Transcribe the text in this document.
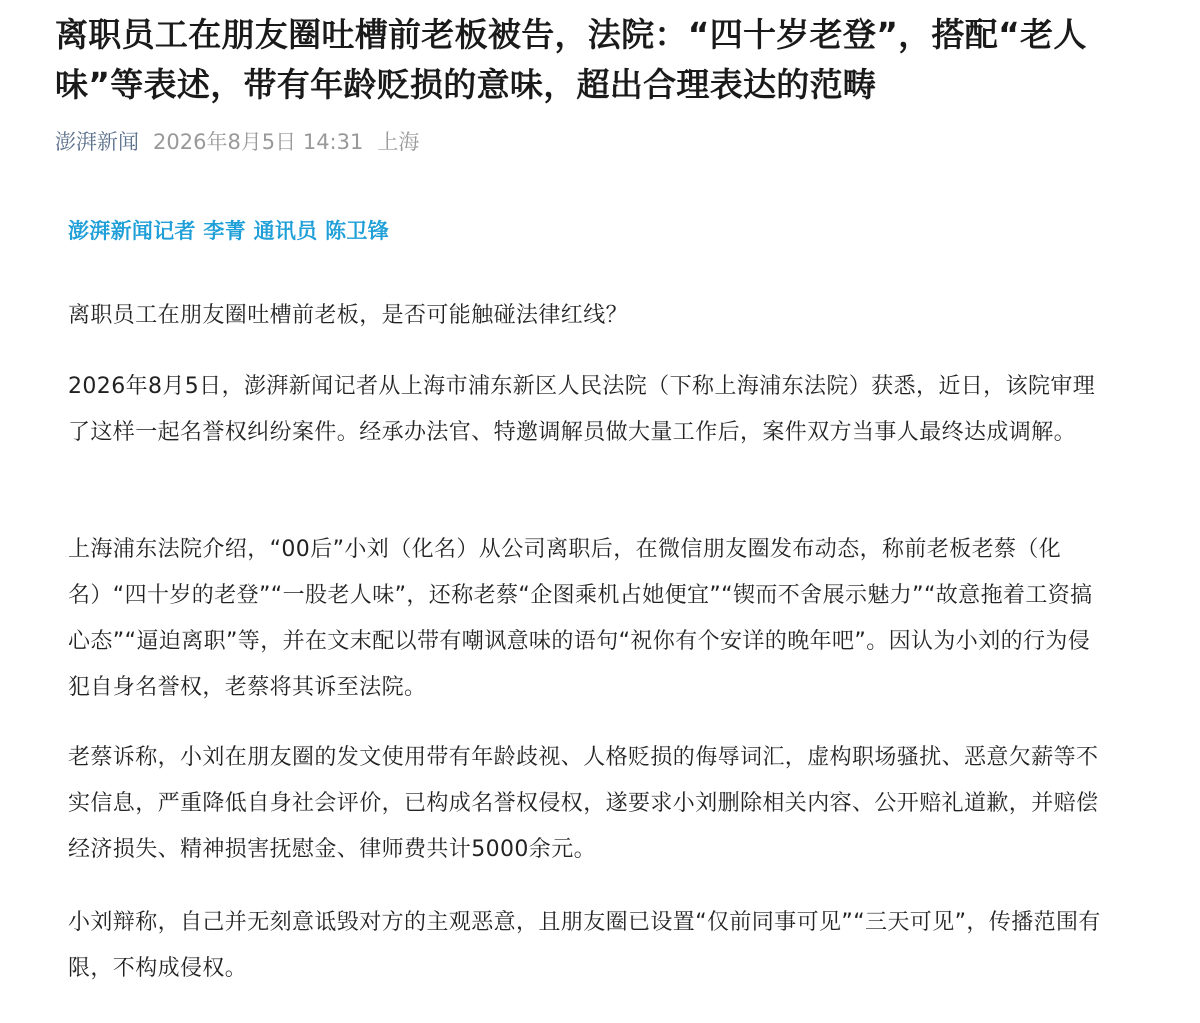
离职员工在朋友圈吐槽前老板被告，法院：“四十岁老登”，搭配“老人味”等表述，带有年龄贬损的意味，超出合理表达的范畴
澎湃新闻 2026年8月5日 14:31 上海
澎湃新闻记者 李菁 通讯员 陈卫锋

离职员工在朋友圈吐槽前老板，是否可能触碰法律红线？

2026年8月5日，澎湃新闻记者从上海市浦东新区人民法院（下称上海浦东法院）获悉，近日，该院审理了这样一起名誉权纠纷案件。经承办法官、特邀调解员做大量工作后，案件双方当事人最终达成调解。

上海浦东法院介绍，“00后”小刘（化名）从公司离职后，在微信朋友圈发布动态，称前老板老蔡（化名）“四十岁的老登”“一股老人味”，还称老蔡“企图乘机占她便宜”“锲而不舍展示魅力”“故意拖着工资搞心态”“逼迫离职”等，并在文末配以带有嘲讽意味的语句“祝你有个安详的晚年吧”。因认为小刘的行为侵犯自身名誉权，老蔡将其诉至法院。

老蔡诉称，小刘在朋友圈的发文使用带有年龄歧视、人格贬损的侮辱词汇，虚构职场骚扰、恶意欠薪等不实信息，严重降低自身社会评价，已构成名誉权侵权，遂要求小刘删除相关内容、公开赔礼道歉，并赔偿经济损失、精神损害抚慰金、律师费共计5000余元。

小刘辩称，自己并无刻意诋毁对方的主观恶意，且朋友圈已设置“仅前同事可见”“三天可见”，传播范围有限，不构成侵权。
